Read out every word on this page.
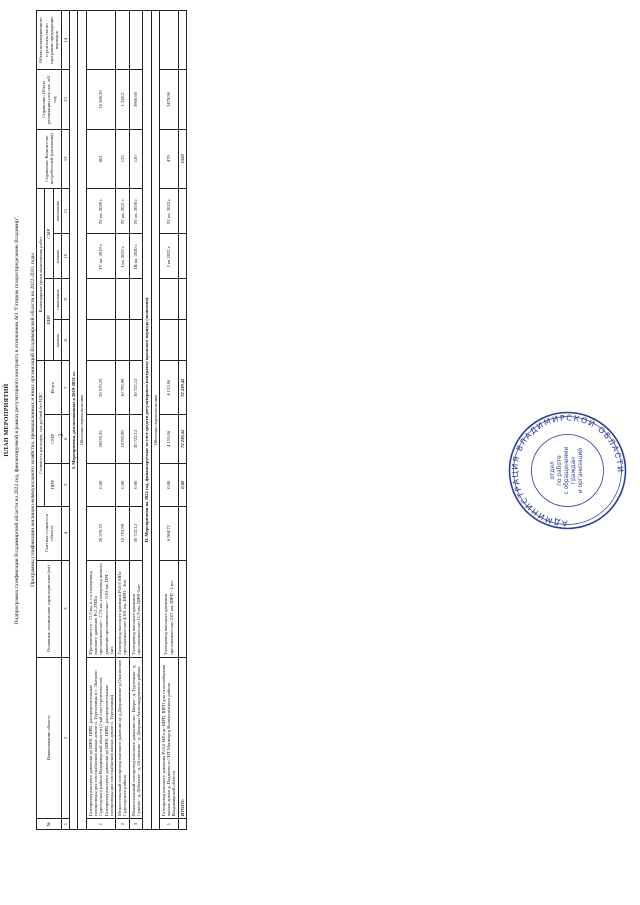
2
ПЛАН МЕРОПРИЯТИЙ Подпрограмма газификации Владимирской области на 2022 год, финансируемой в рамках регуляторного контракта в отношении АО "Газпром газораспределение Владимир". Программы газификации жилищно-коммунального хозяйства, промышленных и иных организаций Владимирской области на 2022-2031 годы
№	Наименование объекта	Основные технические характеристики (км)	Сметная стоимость объекта	Стоимость расходов, тыс.рублей без НДС			Календарные сроки выполнения работ				Справочно: Количество потребителей (населения)	Справочно: Объем реализации газа тыс. м3/год	Объем незавершенного строительства по программе предыдущих периодов
				ПИР	СМР	Итого	ПИР		СМР				
							начало	окончание	начало	окончание			

1	2	3	4	5	6	7	8	9	10	11	12	13	14
I. Мероприятия, реализованные в 2019-2021 гг.													
Объекты строительства													
1	Газопровод высокого давления до ШРП, ШРП, распределительные газопроводы для газоснабжения жилых домов п. Тереховицы и с. Лысково Судогодского района Владимирской области (1-ый этап строительства: Газопровод высокого давления до ШРП, ШРП, распределительные газопроводы для газоснабжения жилых домов п. Тереховицы)	Протяженность - 11,5 км, в т.ч. газопровод высокого давления Р≤1,2МПа протяженностью - 7,73 км, газопровод низкого давления протяженностью - 0,03 км. ПРГ - 1шт.	26 570,25	0,00	26570,25	26 570,25			IV кв. 2019 г.	IV кв. 2020 г.	801	10 586,20	
2	Межпоселковый газопровод высокого давления до д.Дворишково-д.Окатинское Судогодского района	Газопровод высокого давления Р≤0,6 МПа протяженностью 4,191 км. ШРП - 2шт	10 793,99	0,00	10793,99	10 793,99			I кв. 2021 г.	IV кв. 2021 г.	133	1 245,2	
3	Межпоселковый газопровод высокого давления пос. Ивери - д. Тургенево - д. Сушево - д. Лобенево - д. Осташково - д. Дворики Александровского района	Газопровод высокого давления протяженностью 11,9 км, ШРП-5шт	30 722,12	0,00	30 722,12	30 722,12			III кв. 2020 г.	IV кв. 2020 г.	120	3966,60	
II. Мероприятия на 2022 год, финансируемые за счет средств регуляторного контракта прошлого периода (экономия)													
Объекты строительства													
1	Газопровод высокого давления Р≤0,6 МПа до ШРП, ШРП для газоснабжения жилых домов д. Падиково и СНТ Монмартр Кольчугинского района Владимирской области	Газопровод высокого давления протяженностью 2,07 км, ШРП - 1 шт	6 984,72	0,00	4 153,06	4 153,06			I кв 2022 г.	IV кв. 2022 г.	479	2479,96	
	ИТОГО:			0,00	72 239,42	72 239,42					1533		
АДМИНИСТРАЦИЯ ВЛАДИМИРСКОЙ ОБЛАСТИ
отдел по работе с обращениями граждан и организаций
